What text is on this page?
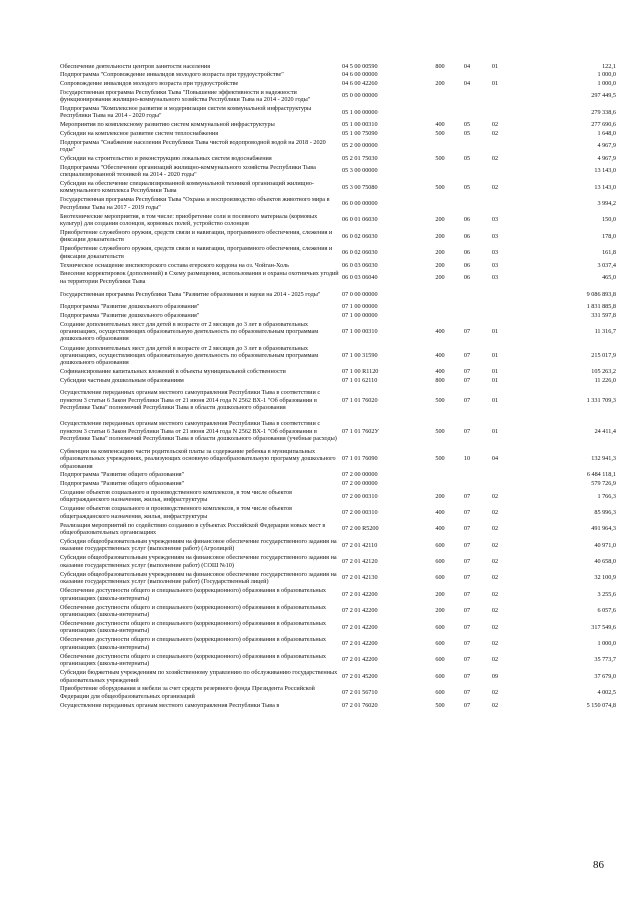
Обеспечение деятельности центров занятости населения	04 5 00 00590	800	04	01	122,1
Подпрограмма "Сопровождение инвалидов молодого возраста при трудоустройстве"	04 6 00 00000	1 000,0
Сопровождение инвалидов молодого возраста при трудоустройстве	04 6 00 42260	200	04	01	1 000,0
Государственная программа Республики Тыва "Повышение эффективности и надежности функционирования жилищно-коммунального хозяйства Республики Тыва на 2014 - 2020 годы"
05 0 00 00000	297 449,5
Подпрограмма "Комплексное развитие и модернизация систем коммунальной инфраструктуры Республики Тыва на 2014 - 2020 годы"
05 1 00 00000	279 338,6
Мероприятия по комплексному развитию систем коммунальной инфраструктуры	05 1 00 00310	400	05	02	277 690,6
Субсидии на комплексное развитие систем теплоснабжения	05 1 00 75090	500	05	02	1 648,0
Подпрограмма "Снабжение населения Республики Тыва чистой водопроводной водой на 2018 - 2020 годы"
05 2 00 00000	4 967,9
Субсидии на строительство и реконструкцию локальных систем водоснабжения	05 2 01 75030	500	05	02	4 967,9
Подпрограмма "Обеспечение организаций жилищно-коммунального хозяйства Республики Тыва специализированной техникой на 2014 - 2020 годы"
05 3 00 00000	13 143,0
Субсидии на обеспечение специализированной коммунальной техникой организаций жилищно-коммунального комплекса Республики Тыва
05 3 00 75080	500	05	02	13 143,0
Государственная программа Республики Тыва "Охрана и воспроизводство объектов животного мира в Республике Тыва на 2017 - 2019 годы"
06 0 00 00000	3 994,2
Биотехнические мероприятия, в том числе: приобретение соли и посевного материала (кормовых культур) для создания солонцов, кормовых полей, устройство солонцов
06 0 01 06030	200	06	03	150,0
Приобретение служебного оружия, средств связи и навигации, программного обеспечения, слежения и фиксации доказательств
06 0 02 06030	200	06	03	178,0
Приобретение служебного оружия, средств связи и навигации, программного обеспечения, слежения и фиксации доказательств
06 0 02 06030	200	06	03	161,8
Техническое оснащение инспекторского состава егерского кордона на оз. Чойган-Холь	06 0 03 06030	200	06	03	3 037,4
Внесение корректировок (дополнений) в Схему размещения, использования и охраны охотничьих угодий на территории Республики Тыва
06 0 03 06040	200	06	03	465,0
Государственная программа Республики Тыва "Развитие образования и науки на 2014 - 2025 годы"	07 0 00 00000	9 086 893,8
Подпрограмма "Развитие дошкольного образования"	07 1 00 00000	1 831 885,8
Подпрограмма "Развитие дошкольного образования"	07 1 00 00000	331 597,8
Создание дополнительных мест для детей в возрасте от 2 месяцев до 3 лет в образовательных организациях, осуществляющих образовательную деятельность по образовательным программам дошкольного образования
07 1 00 00310	400	07	01	11 316,7
Создание дополнительных мест для детей в возрасте от 2 месяцев до 3 лет в образовательных организациях, осуществляющих образовательную деятельность по образовательным программам дошкольного образования
07 1 00 31590	400	07	01	215 017,9
Софинансирование капитальных вложений в объекты муниципальной собственности	07 1 00 R1120	400	07	01	105 263,2
Субсидии частным дошкольным образованиям	07 1 01 62110	800	07	01	11 226,0
Осуществление переданных органам местного самоуправления Республики Тыва в соответствии с пунктом 3 статьи 6 Закон Республики Тыва от 21 июня 2014 года N 2562 ВХ-1 "Об образовании в Республике Тыва" полномочий Республики Тыва в области дошкольного образования
07 1 01 76020	500	07	01	1 331 709,3
Осуществление переданных органам местного самоуправления Республики Тыва в соответствии с пунктом 3 статьи 6 Закон Республики Тыва от 21 июня 2014 года N 2562 ВХ-1 "Об образовании в Республике Тыва" полномочий Республики Тыва в области дошкольного образования (учебные расходы)
07 1 01 7602У	500	07	01	24 411,4
Субвенции на компенсацию части родительской платы за содержание ребенка в муниципальных образовательных учреждениях, реализующих основную общеобразовательную программу дошкольного образования
07 1 01 76090	500	10	04	132 941,3
Подпрограмма "Развитие общего образования"	07 2 00 00000	6 484 118,1
Подпрограмма "Развитие общего образования"	07 2 00 00000	579 726,9
Создание объектов социального и производственного комплексов, в том числе объектов общегражданского назначения, жилья, инфраструктуры
07 2 00 00310	200	07	02	1 766,3
Создание объектов социального и производственного комплексов, в том числе объектов общегражданского назначения, жилья, инфраструктуры
07 2 00 00310	400	07	02	85 996,3
Реализация мероприятий по содействию созданию в субъектах Российской Федерации новых мест в общеобразовательных организациях
07 2 00 R5200	400	07	02	491 964,3
Субсидии общеобразовательным учреждениям на финансовое обеспечение государственного задания на оказание государственных услуг (выполнение работ) (Агролицей)
07 2 01 42110	600	07	02	40 971,0
Субсидии общеобразовательным учреждениям на финансовое обеспечение государственного задания на оказание государственных услуг (выполнение работ) (СОШ №10)
07 2 01 42120	600	07	02	40 658,0
Субсидии общеобразовательным учреждениям на финансовое обеспечение государственного задания на оказание государственных услуг (выполнение работ) (Государственный лицей)
07 2 01 42130	600	07	02	32 100,9
Обеспечение доступности общего и специального (коррекционного) образования в образовательных организациях (школы-интернаты)
07 2 01 42200	200	07	02	3 255,6
Обеспечение доступности общего и специального (коррекционного) образования в образовательных организациях (школы-интернаты)
07 2 01 42200	200	07	02	6 057,6
Обеспечение доступности общего и специального (коррекционного) образования в образовательных организациях (школы-интернаты)
07 2 01 42200	600	07	02	317 549,6
Обеспечение доступности общего и специального (коррекционного) образования в образовательных организациях (школы-интернаты)
07 2 01 42200	600	07	02	1 000,0
Обеспечение доступности общего и специального (коррекционного) образования в образовательных организациях (школы-интернаты)
07 2 01 42200	600	07	02	35 773,7
Субсидии бюджетным учреждениям по хозяйственному управлению по обслуживанию государственных образовательных учреждений
07 2 01 45200	600	07	09	37 679,0
Приобретение оборудования и мебели за счет средств резервного фонда Президента Российской Федерации для общеобразовательных организаций
07 2 01 56710	600	07	02	4 002,5
Осуществление переданных органам местного самоуправления Республики Тыва в	07 2 01 76020	500	07	02	5 150 074,8
86
